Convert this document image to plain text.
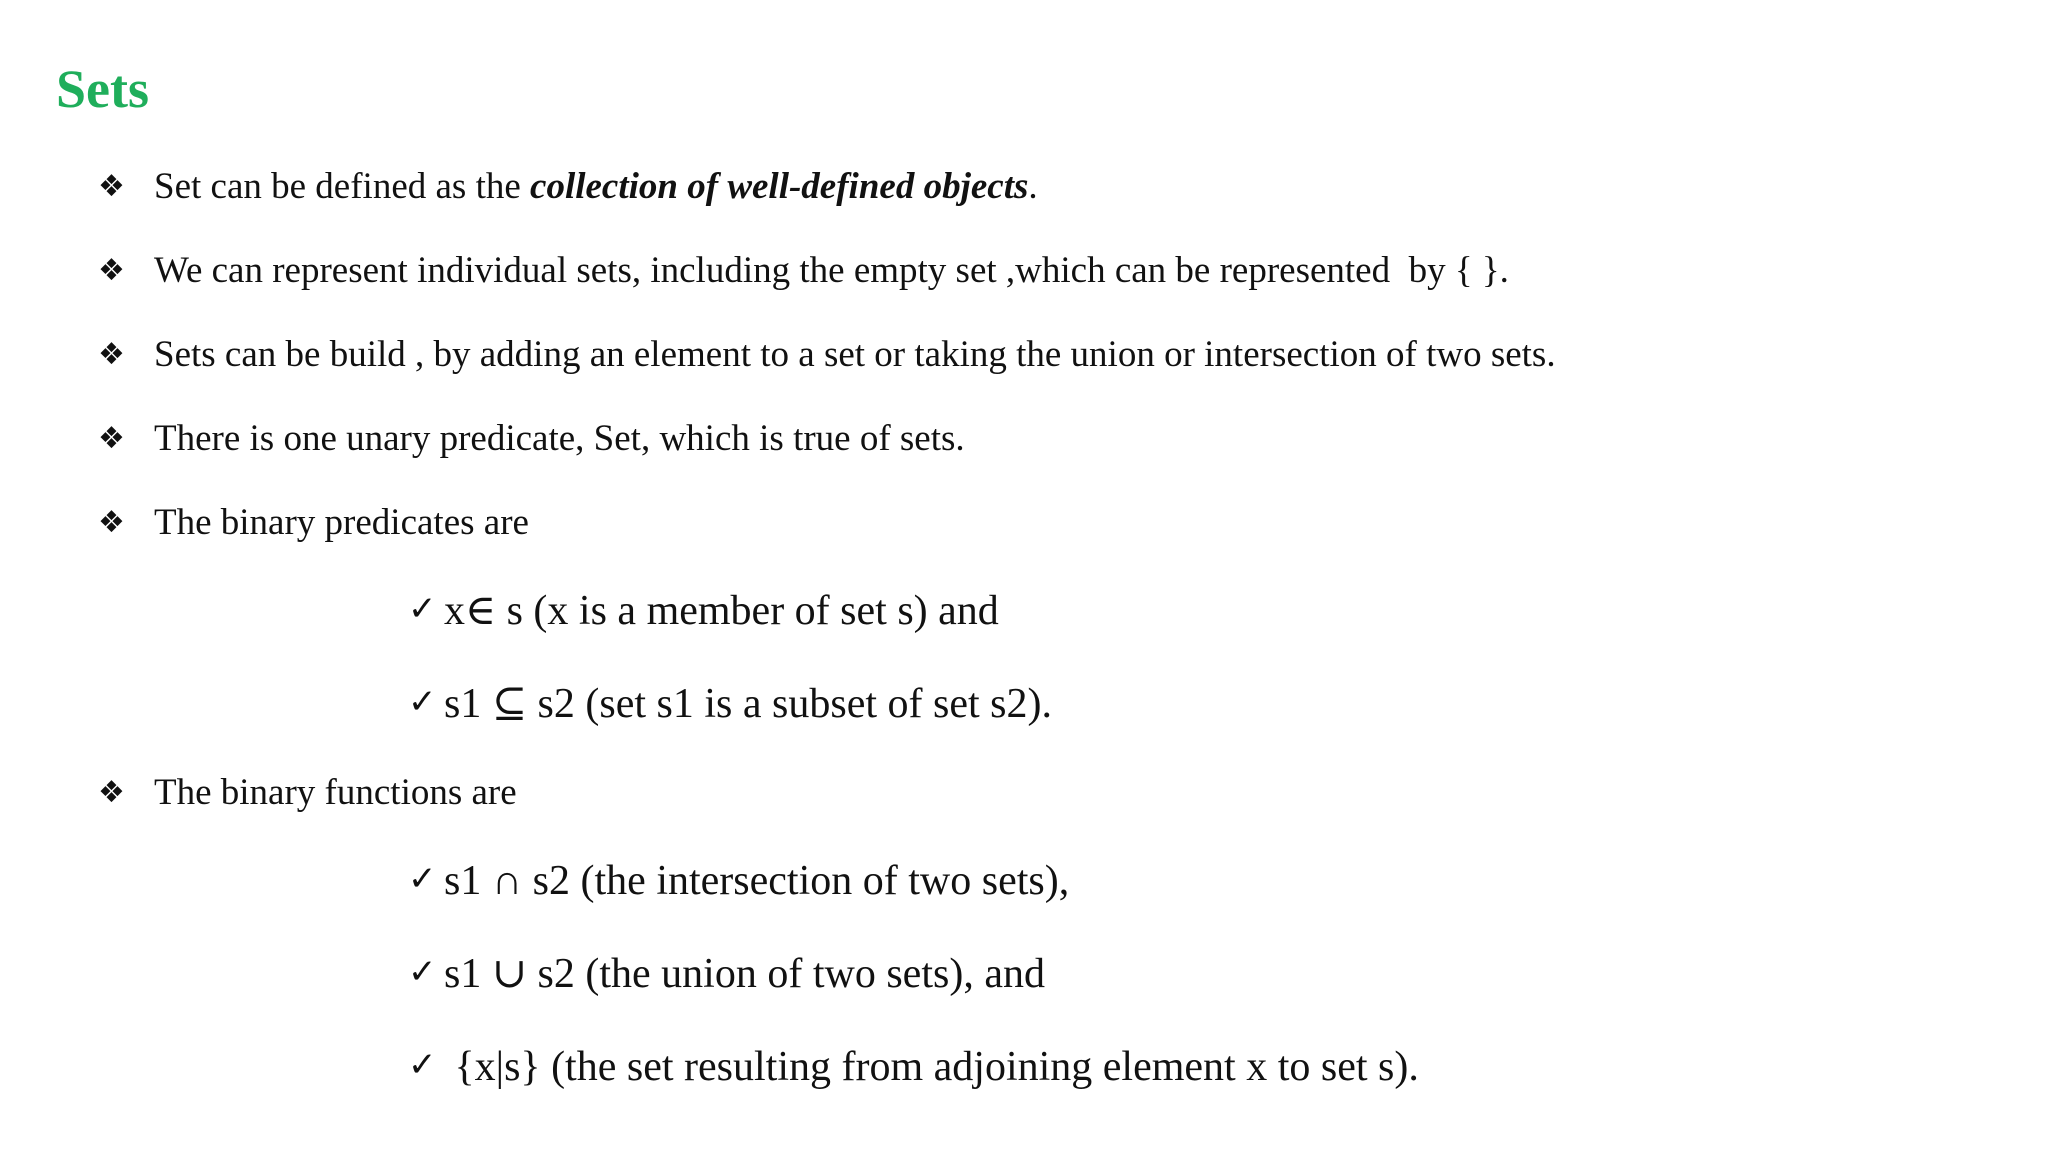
Sets
❖ Set can be defined as the collection of well-defined objects.
❖ We can represent individual sets, including the empty set ,which can be represented  by { }.
❖ Sets can be build , by adding an element to a set or taking the union or intersection of two sets.
❖ There is one unary predicate, Set, which is true of sets.
❖ The binary predicates are
✓ x∈ s (x is a member of set s) and
✓ s1 ⊆ s2 (set s1 is a subset of set s2).
❖ The binary functions are
✓ s1 ∩ s2 (the intersection of two sets),
✓ s1 ∪ s2 (the union of two sets), and
✓ {x|s} (the set resulting from adjoining element x to set s).
